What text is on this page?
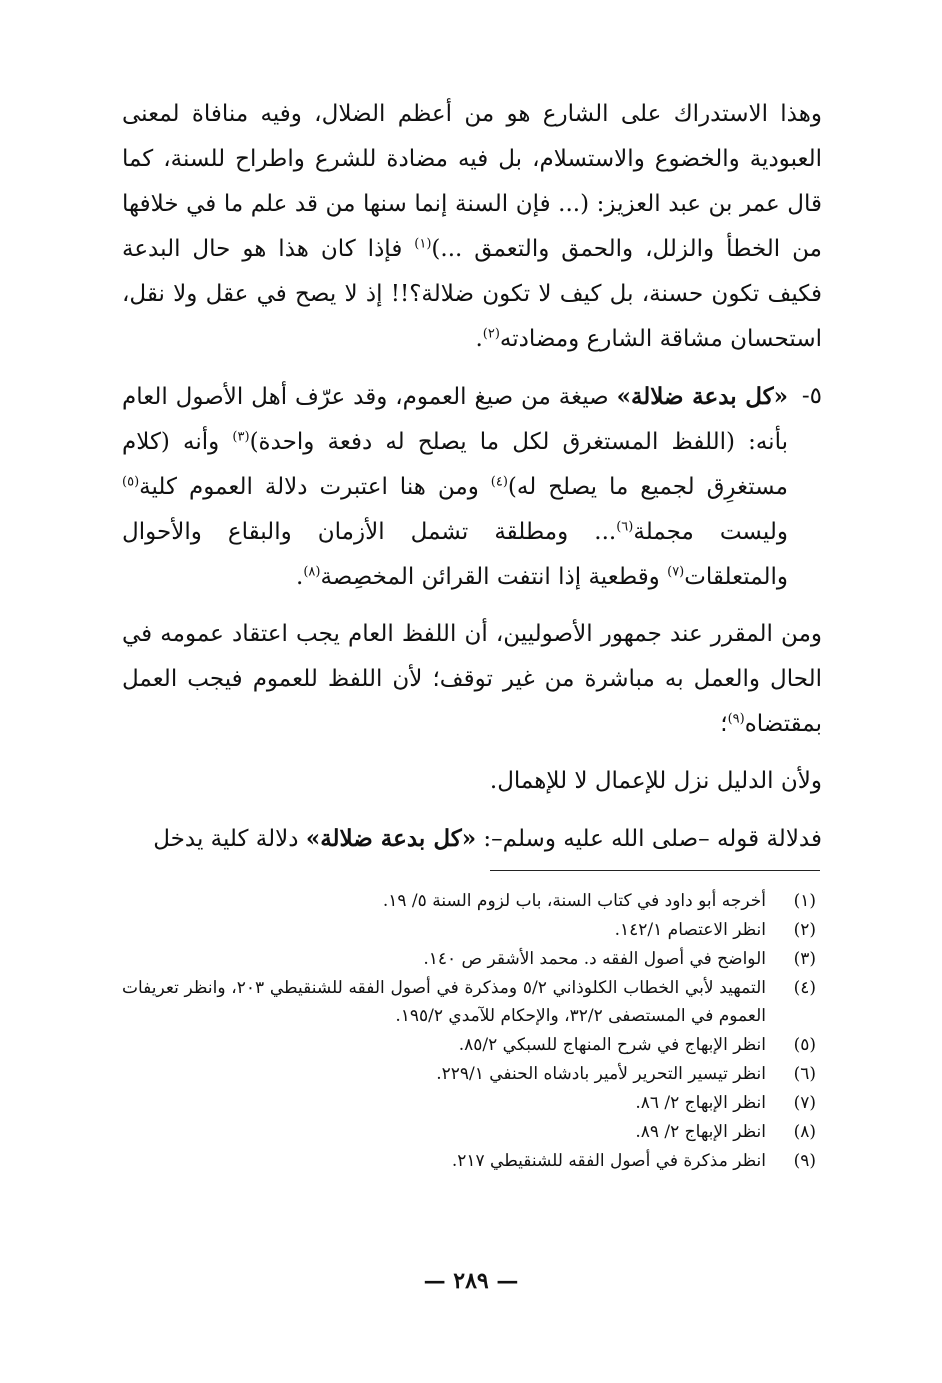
وهذا الاستدراك على الشارع هو من أعظم الضلال، وفيه منافاة لمعنى العبودية والخضوع والاستسلام، بل فيه مضادة للشرع واطراح للسنة، كما قال عمر بن عبد العزيز: (... فإن السنة إنما سنها من قد علم ما في خلافها من الخطأ والزلل، والحمق والتعمق ...)$^{(١)}$ فإذا كان هذا هو حال البدعة فكيف تكون حسنة، بل كيف لا تكون ضلالة؟!! إذ لا يصح في عقل ولا نقل، استحسان مشاقة الشارع ومضادته$^{(٢)}$.

٥-
«كل بدعة ضلالة» صيغة من صيغ العموم، وقد عرّف أهل الأصول العام بأنه: (اللفظ المستغرق لكل ما يصلح له دفعة واحدة)$^{(٣)}$ وأنه (كلام مستغرِق لجميع ما يصلح له)$^{(٤)}$ ومن هنا اعتبرت دلالة العموم كلية$^{(٥)}$ وليست مجملة$^{(٦)}$... ومطلقة تشمل الأزمان والبقاع والأحوال والمتعلقات$^{(٧)}$ وقطعية إذا انتفت القرائن المخصِصة$^{(٨)}$.

ومن المقرر عند جمهور الأصوليين، أن اللفظ العام يجب اعتقاد عمومه في الحال والعمل به مباشرة من غير توقف؛ لأن اللفظ للعموم فيجب العمل بمقتضاه$^{(٩)}$؛

ولأن الدليل نزل للإعمال لا للإهمال.

فدلالة قوله –صلى الله عليه وسلم–: «كل بدعة ضلالة» دلالة كلية يدخل

(١)
أخرجه أبو داود في كتاب السنة، باب لزوم السنة ٥/ ١٩.
(٢)
انظر الاعتصام ١٤٢/١.
(٣)
الواضح في أصول الفقه د. محمد الأشقر ص ١٤٠.
(٤)
التمهيد لأبي الخطاب الكلوذاني ٥/٢ ومذكرة في أصول الفقه للشنقيطي ٢٠٣، وانظر تعريفات العموم في المستصفى ٣٢/٢، والإحكام للآمدي ١٩٥/٢.
(٥)
انظر الإبهاج في شرح المنهاج للسبكي ٨٥/٢.
(٦)
انظر تيسير التحرير لأمير بادشاه الحنفي ٢٢٩/١.
(٧)
انظر الإبهاج ٢/ ٨٦.
(٨)
انظر الإبهاج ٢/ ٨٩.
(٩)
انظر مذكرة في أصول الفقه للشنقيطي ٢١٧.
— ٢٨٩ —
